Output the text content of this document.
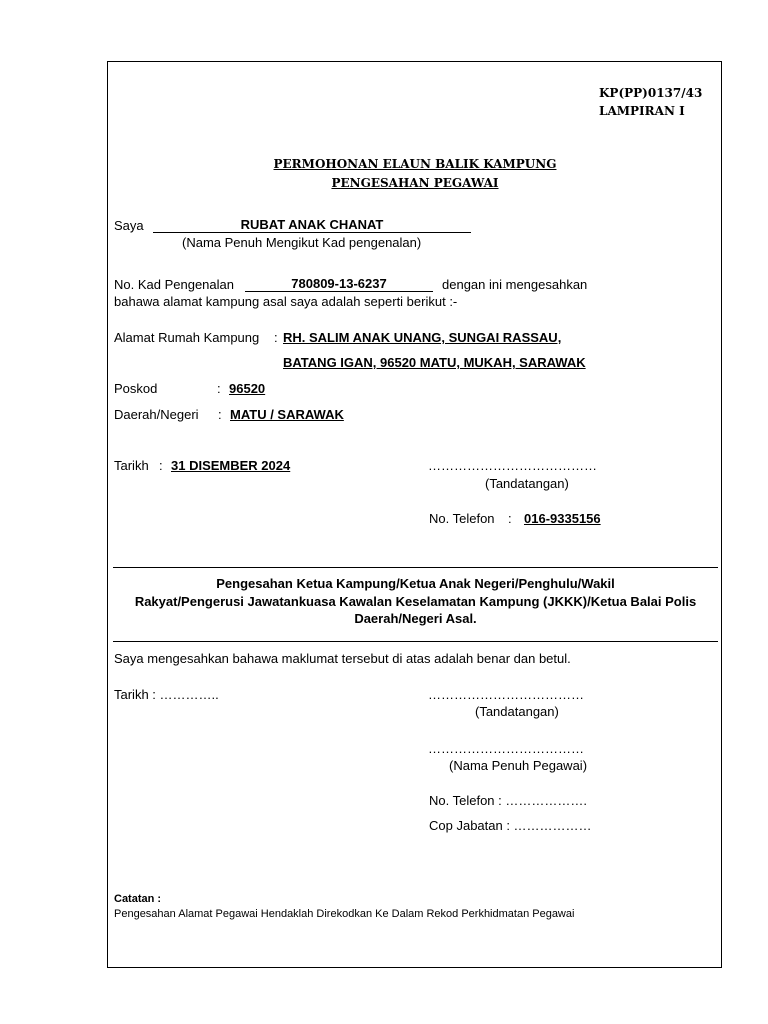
KP(PP)0137/43
LAMPIRAN I
PERMOHONAN ELAUN BALIK KAMPUNG
PENGESAHAN PEGAWAI
Saya	RUBAT ANAK CHANAT
(Nama Penuh Mengikut Kad pengenalan)
No. Kad Pengenalan	780809-13-6237	dengan ini mengesahkan
bahawa alamat kampung asal saya adalah seperti berikut :-
Alamat Rumah Kampung : RH. SALIM ANAK UNANG, SUNGAI RASSAU,
BATANG IGAN, 96520 MATU, MUKAH, SARAWAK
Poskod	: 96520
Daerah/Negeri : MATU / SARAWAK
Tarikh : 31 DISEMBER 2024	…………………………………
(Tandatangan)
No. Telefon : 016-9335156
Pengesahan Ketua Kampung/Ketua Anak Negeri/Penghulu/Wakil
Rakyat/Pengerusi Jawatankuasa Kawalan Keselamatan Kampung (JKKK)/Ketua Balai Polis
Daerah/Negeri Asal.
Saya mengesahkan bahawa maklumat tersebut di atas adalah benar dan betul.
Tarikh : …………..	………………………………
(Tandatangan)
………………………………
(Nama Penuh Pegawai)
No. Telefon : ……………….
Cop Jabatan : ………………
Catatan :
Pengesahan Alamat Pegawai Hendaklah Direkodkan Ke Dalam Rekod Perkhidmatan Pegawai
